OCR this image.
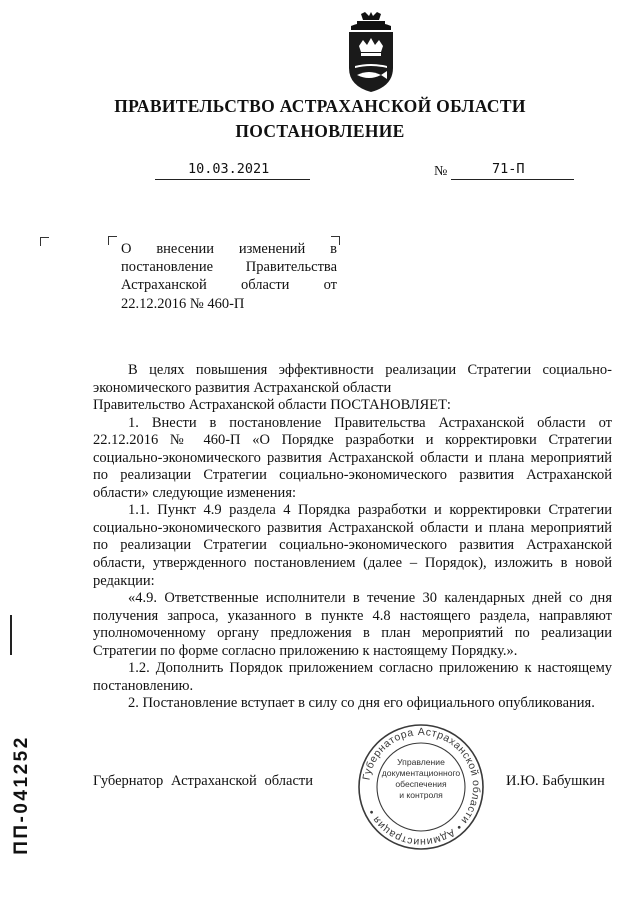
ПРАВИТЕЛЬСТВО АСТРАХАНСКОЙ ОБЛАСТИ
ПОСТАНОВЛЕНИЕ
10.03.2021	№	71-П
О внесении изменений в постановление Правительства Астраханской области от 22.12.2016 № 460-П

В целях повышения эффективности реализации Стратегии социально-экономического развития Астраханской области

Правительство Астраханской области ПОСТАНОВЛЯЕТ:

1. Внести в постановление Правительства Астраханской области от 22.12.2016 № 460-П «О Порядке разработки и корректировки Стратегии социально-экономического развития Астраханской области и плана мероприятий по реализации Стратегии социально-экономического развития Астраханской области» следующие изменения:

1.1. Пункт 4.9 раздела 4 Порядка разработки и корректировки Стратегии социально-экономического развития Астраханской области и плана мероприятий по реализации Стратегии социально-экономического развития Астраханской области, утвержденного постановлением (далее – Порядок), изложить в новой редакции:

«4.9. Ответственные исполнители в течение 30 календарных дней со дня получения запроса, указанного в пункте 4.8 настоящего раздела, направляют уполномоченному органу предложения в план мероприятий по реализации Стратегии по форме согласно приложению к настоящему Порядку.».

1.2. Дополнить Порядок приложением согласно приложению к настоящему постановлению.

2. Постановление вступает в силу со дня его официального опубликования.

ПП-041252	Губернатор Астраханской области	Губернатора Астраханской области • Администрация •
Управление
документационного
обеспечения
и контроля
И.Ю. Бабушкин
